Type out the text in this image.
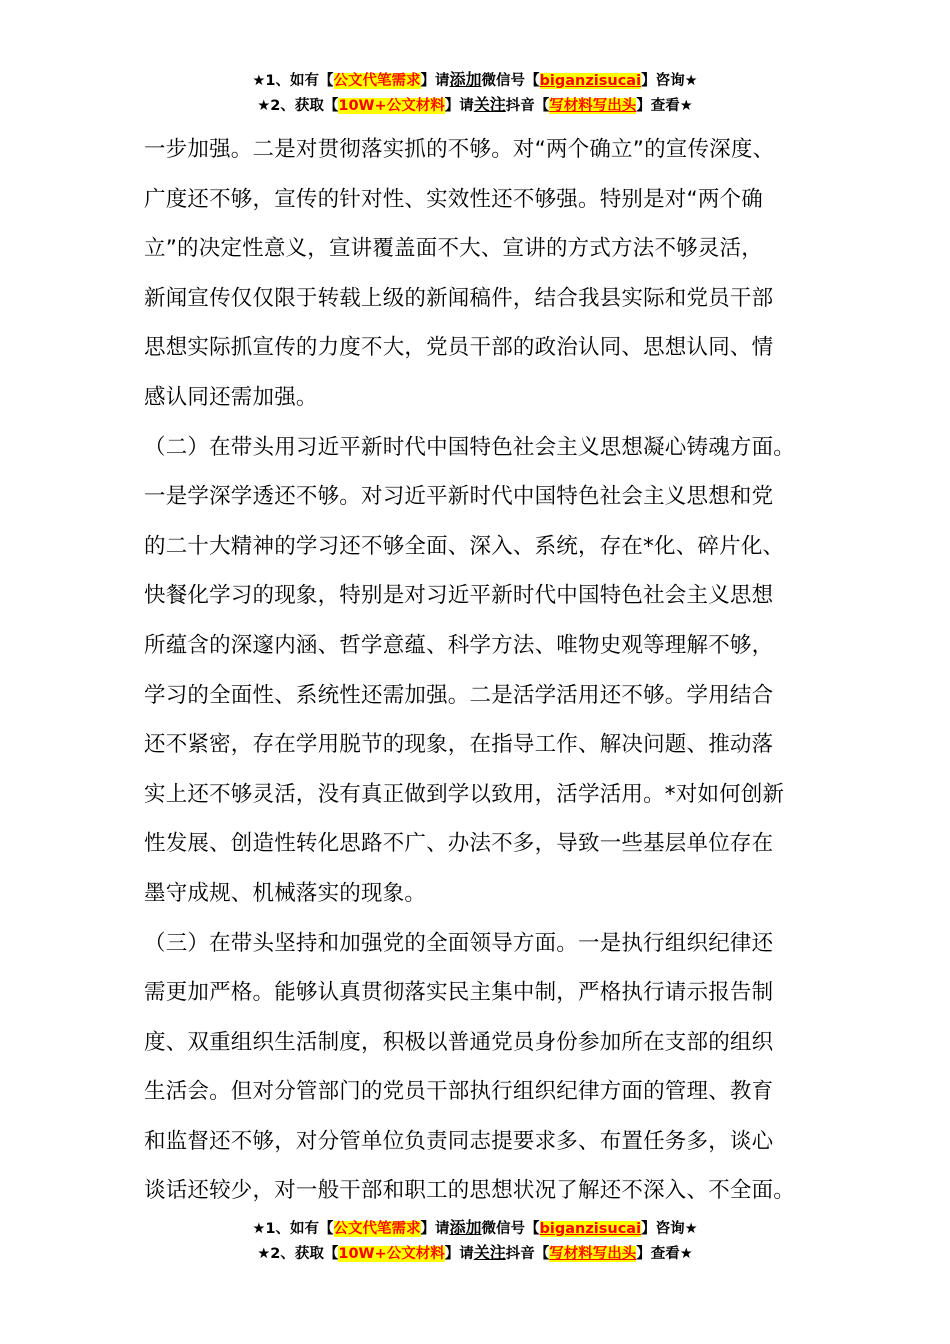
★1、如有【公文代笔需求】请添加微信号【biganzisucai】咨询★
★2、获取【10W+公文材料】请关注抖音【写材料写出头】查看★
一步加强。二是对贯彻落实抓的不够。对“两个确立”的宣传深度、
广度还不够，宣传的针对性、实效性还不够强。特别是对“两个确
立”的决定性意义，宣讲覆盖面不大、宣讲的方式方法不够灵活，
新闻宣传仅仅限于转载上级的新闻稿件，结合我县实际和党员干部
思想实际抓宣传的力度不大，党员干部的政治认同、思想认同、情
感认同还需加强。
（二）在带头用习近平新时代中国特色社会主义思想凝心铸魂方面。
一是学深学透还不够。对习近平新时代中国特色社会主义思想和党
的二十大精神的学习还不够全面、深入、系统，存在*化、碎片化、
快餐化学习的现象，特别是对习近平新时代中国特色社会主义思想
所蕴含的深邃内涵、哲学意蕴、科学方法、唯物史观等理解不够，
学习的全面性、系统性还需加强。二是活学活用还不够。学用结合
还不紧密，存在学用脱节的现象，在指导工作、解决问题、推动落
实上还不够灵活，没有真正做到学以致用，活学活用。*对如何创新
性发展、创造性转化思路不广、办法不多，导致一些基层单位存在
墨守成规、机械落实的现象。
（三）在带头坚持和加强党的全面领导方面。一是执行组织纪律还
需更加严格。能够认真贯彻落实民主集中制，严格执行请示报告制
度、双重组织生活制度，积极以普通党员身份参加所在支部的组织
生活会。但对分管部门的党员干部执行组织纪律方面的管理、教育
和监督还不够，对分管单位负责同志提要求多、布置任务多，谈心
谈话还较少，对一般干部和职工的思想状况了解还不深入、不全面。
★1、如有【公文代笔需求】请添加微信号【biganzisucai】咨询★
★2、获取【10W+公文材料】请关注抖音【写材料写出头】查看★
